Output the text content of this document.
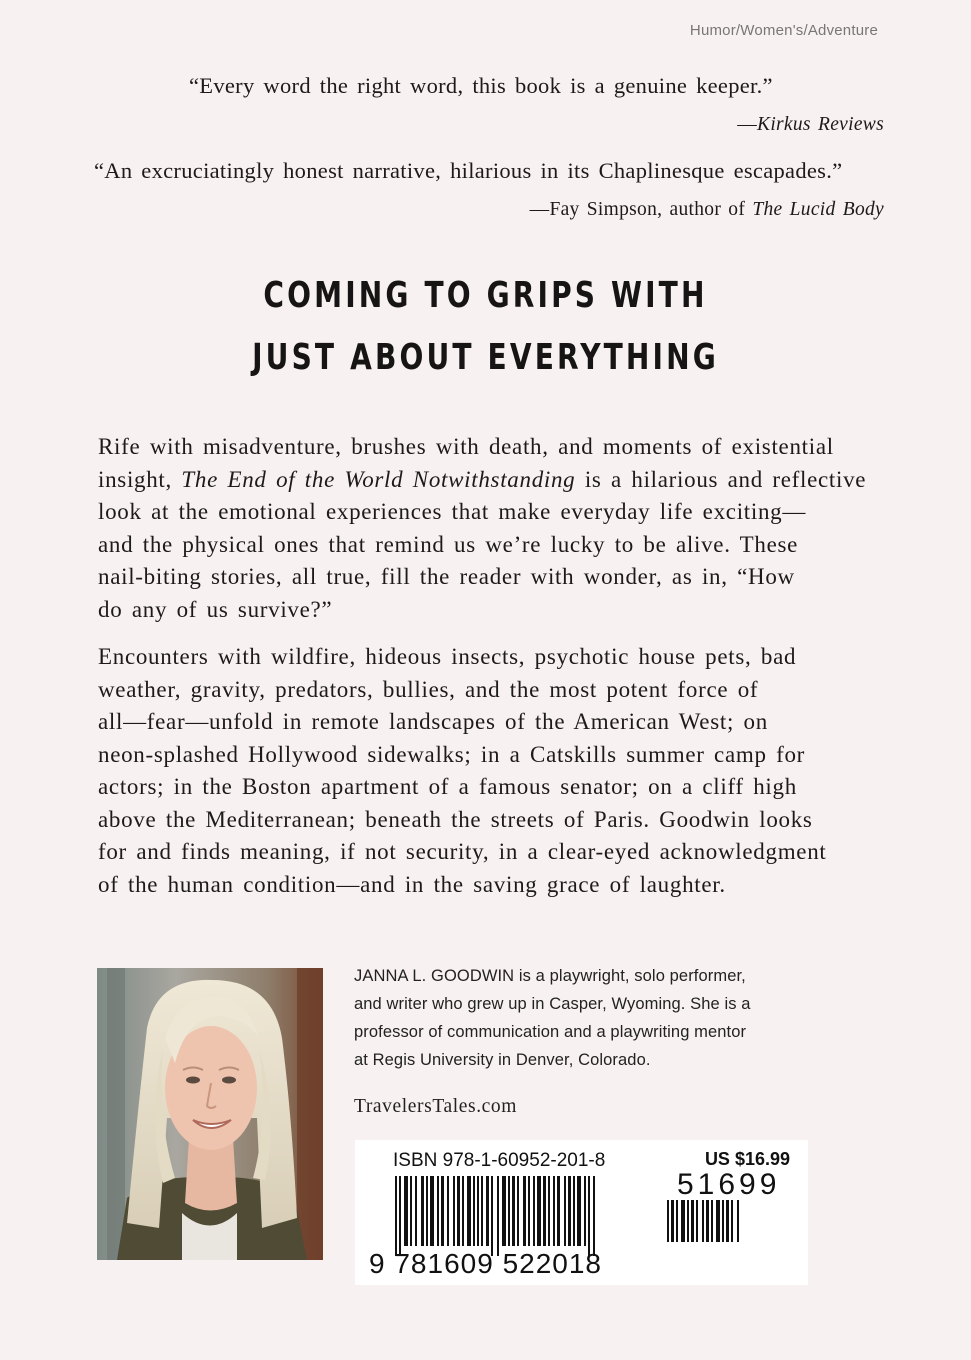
Humor/Women's/Adventure
“Every word the right word, this book is a genuine keeper.”
—Kirkus Reviews
“An excruciatingly honest narrative, hilarious in its Chaplinesque escapades.”
—Fay Simpson, author of The Lucid Body
COMING TO GRIPS WITH
JUST ABOUT EVERYTHING
Rife with misadventure, brushes with death, and moments of existential
insight, The End of the World Notwithstanding is a hilarious and reflective
look at the emotional experiences that make everyday life exciting—
and the physical ones that remind us we’re lucky to be alive. These
nail-biting stories, all true, fill the reader with wonder, as in, “How
do any of us survive?”
Encounters with wildfire, hideous insects, psychotic house pets, bad
weather, gravity, predators, bullies, and the most potent force of
all—fear—unfold in remote landscapes of the American West; on
neon-splashed Hollywood sidewalks; in a Catskills summer camp for
actors; in the Boston apartment of a famous senator; on a cliff high
above the Mediterranean; beneath the streets of Paris. Goodwin looks
for and finds meaning, if not security, in a clear-eyed acknowledgment
of the human condition—and in the saving grace of laughter.
JANNA L. GOODWIN is a playwright, solo performer,
and writer who grew up in Casper, Wyoming. She is a
professor of communication and a playwriting mentor
at Regis University in Denver, Colorado.
TravelersTales.com
ISBN 978-1-60952-201-8	US $16.99
9 781609 522018
51699
